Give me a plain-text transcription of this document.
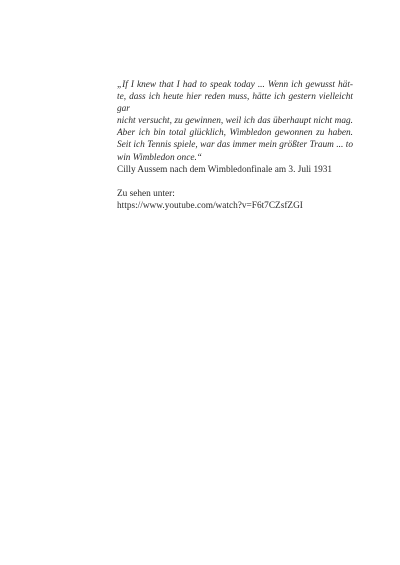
„If I knew that I had to speak today ... Wenn ich gewusst hät-
te, dass ich heute hier reden muss, hätte ich gestern vielleicht gar
nicht versucht, zu gewinnen, weil ich das überhaupt nicht mag.
Aber ich bin total glücklich, Wimbledon gewonnen zu haben.
Seit ich Tennis spiele, war das immer mein größter Traum ... to
win Wimbledon once.“

Cilly Aussem nach dem Wimbledonfinale am 3. Juli 1931

Zu sehen unter:

https://www.youtube.com/watch?v=F6t7CZsfZGI
